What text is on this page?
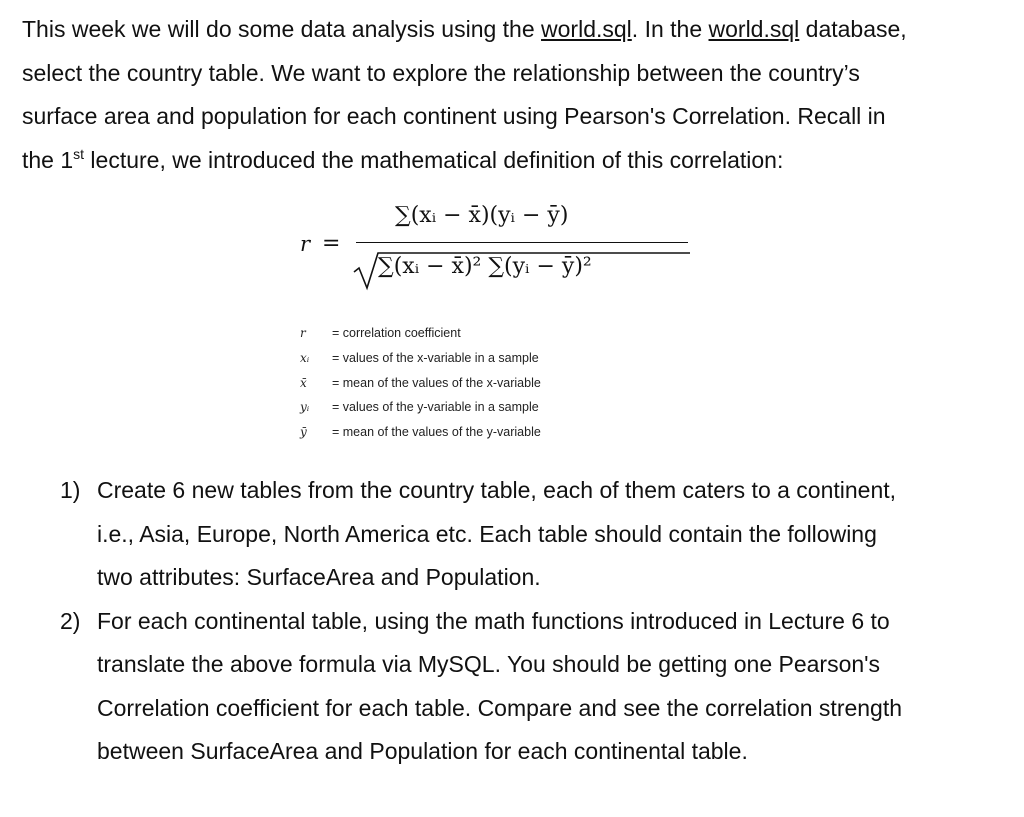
This week we will do some data analysis using the world.sql. In the world.sql database,
select the country table. We want to explore the relationship between the country’s
surface area and population for each continent using Pearson's Correlation. Recall in
the 1st lecture, we introduced the mathematical definition of this correlation:
r =
∑(xᵢ − x̄)(yᵢ − ȳ)
∑(xᵢ − x̄)² ∑(yᵢ − ȳ)²
r = correlation coefficient
xᵢ = values of the x-variable in a sample
x̄ = mean of the values of the x-variable
yᵢ = values of the y-variable in a sample
ȳ = mean of the values of the y-variable
1) Create 6 new tables from the country table, each of them caters to a continent,
i.e., Asia, Europe, North America etc. Each table should contain the following
two attributes: SurfaceArea and Population.
2) For each continental table, using the math functions introduced in Lecture 6 to
translate the above formula via MySQL. You should be getting one Pearson's
Correlation coefficient for each table. Compare and see the correlation strength
between SurfaceArea and Population for each continental table.
